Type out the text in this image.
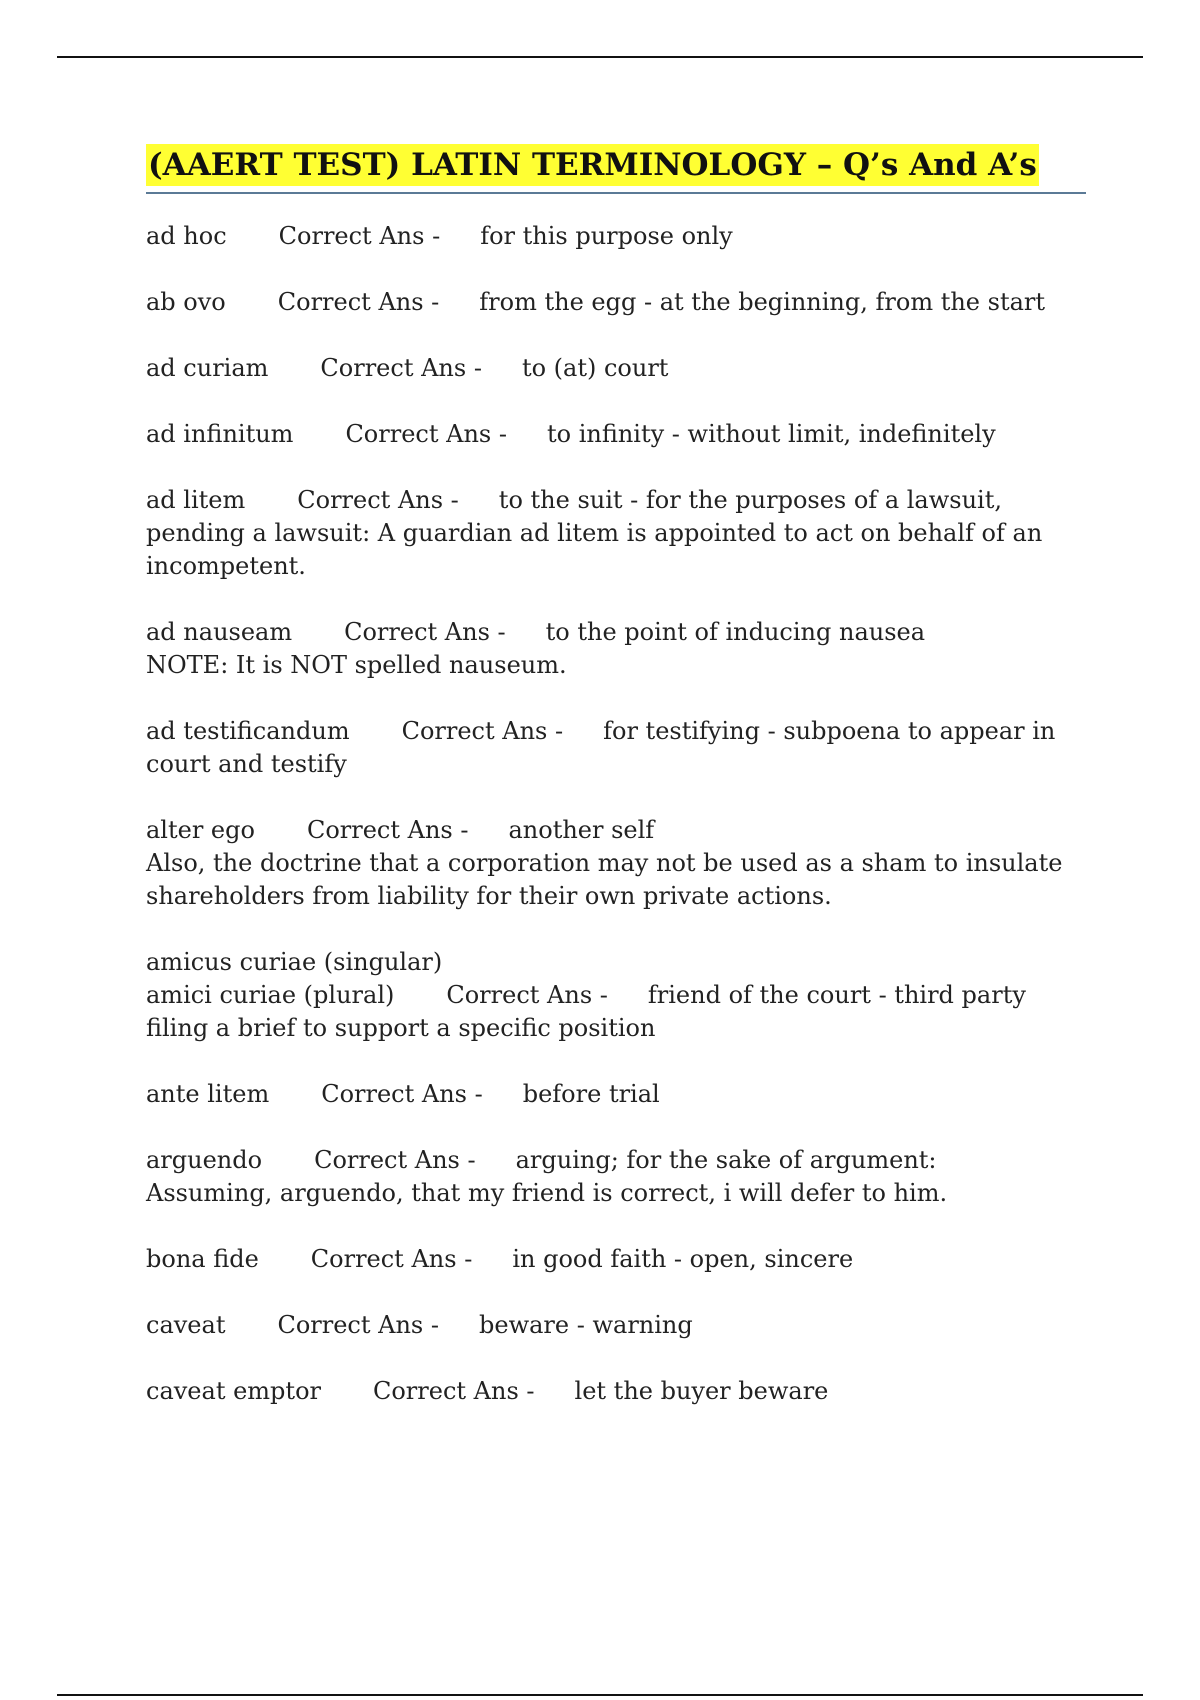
(AAERT TEST) LATIN TERMINOLOGY – Q’s And A’s
ad hoc Correct Ans - for this purpose only
ab ovo Correct Ans - from the egg - at the beginning, from the start
ad curiam Correct Ans - to (at) court
ad infinitum Correct Ans - to infinity - without limit, indefinitely
ad litem Correct Ans - to the suit - for the purposes of a lawsuit,
pending a lawsuit: A guardian ad litem is appointed to act on behalf of an
incompetent.
ad nauseam Correct Ans - to the point of inducing nausea
NOTE: It is NOT spelled nauseum.
ad testificandum Correct Ans - for testifying - subpoena to appear in
court and testify
alter ego Correct Ans - another self
Also, the doctrine that a corporation may not be used as a sham to insulate
shareholders from liability for their own private actions.
amicus curiae (singular)
amici curiae (plural) Correct Ans - friend of the court - third party
filing a brief to support a specific position
ante litem Correct Ans - before trial
arguendo Correct Ans - arguing; for the sake of argument:
Assuming, arguendo, that my friend is correct, i will defer to him.
bona fide Correct Ans - in good faith - open, sincere
caveat Correct Ans - beware - warning
caveat emptor Correct Ans - let the buyer beware
